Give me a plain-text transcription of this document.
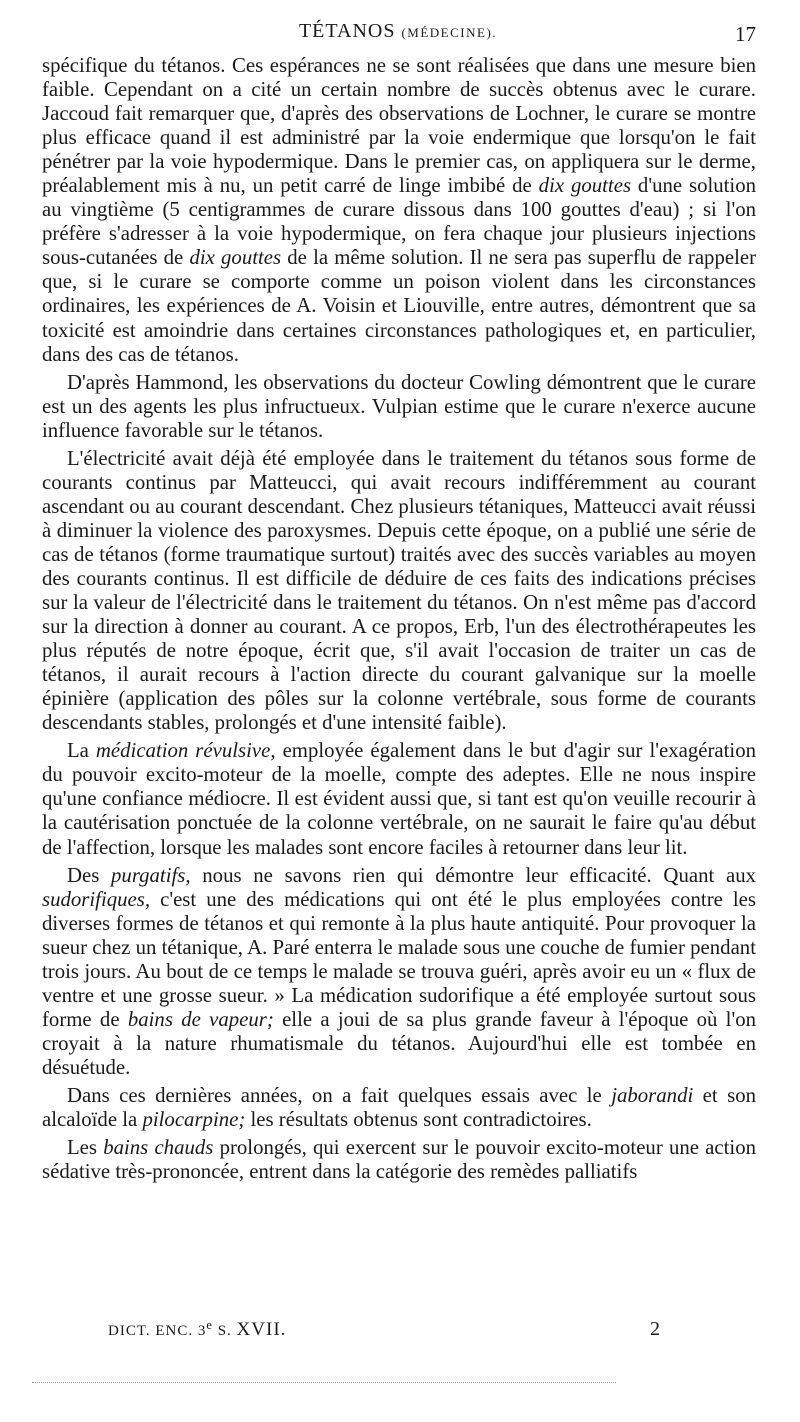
TÉTANOS (MÉDECINE).	17

spécifique du tétanos. Ces espérances ne se sont réalisées que dans une mesure bien faible. Cependant on a cité un certain nombre de succès obtenus avec le curare. Jaccoud fait remarquer que, d'après des observations de Lochner, le curare se montre plus efficace quand il est administré par la voie endermique que lorsqu'on le fait pénétrer par la voie hypodermique. Dans le premier cas, on appliquera sur le derme, préalablement mis à nu, un petit carré de linge imbibé de dix gouttes d'une solution au vingtième (5 centigrammes de curare dissous dans 100 gouttes d'eau) ; si l'on préfère s'adresser à la voie hypodermique, on fera chaque jour plusieurs injections sous-cutanées de dix gouttes de la même solution. Il ne sera pas superflu de rappeler que, si le curare se comporte comme un poison violent dans les circonstances ordinaires, les expériences de A. Voisin et Liouville, entre autres, démontrent que sa toxicité est amoindrie dans certaines circonstances pathologiques et, en particulier, dans des cas de tétanos.

D'après Hammond, les observations du docteur Cowling démontrent que le curare est un des agents les plus infructueux. Vulpian estime que le curare n'exerce aucune influence favorable sur le tétanos.

L'électricité avait déjà été employée dans le traitement du tétanos sous forme de courants continus par Matteucci, qui avait recours indifféremment au courant ascendant ou au courant descendant. Chez plusieurs tétaniques, Matteucci avait réussi à diminuer la violence des paroxysmes. Depuis cette époque, on a publié une série de cas de tétanos (forme traumatique surtout) traités avec des succès variables au moyen des courants continus. Il est difficile de déduire de ces faits des indications précises sur la valeur de l'électricité dans le traitement du tétanos. On n'est même pas d'accord sur la direction à donner au courant. A ce propos, Erb, l'un des électrothérapeutes les plus réputés de notre époque, écrit que, s'il avait l'occasion de traiter un cas de tétanos, il aurait recours à l'action directe du courant galvanique sur la moelle épinière (application des pôles sur la colonne vertébrale, sous forme de courants descendants stables, prolongés et d'une intensité faible).

La médication révulsive, employée également dans le but d'agir sur l'exagération du pouvoir excito-moteur de la moelle, compte des adeptes. Elle ne nous inspire qu'une confiance médiocre. Il est évident aussi que, si tant est qu'on veuille recourir à la cautérisation ponctuée de la colonne vertébrale, on ne saurait le faire qu'au début de l'affection, lorsque les malades sont encore faciles à retourner dans leur lit.

Des purgatifs, nous ne savons rien qui démontre leur efficacité. Quant aux sudorifiques, c'est une des médications qui ont été le plus employées contre les diverses formes de tétanos et qui remonte à la plus haute antiquité. Pour provoquer la sueur chez un tétanique, A. Paré enterra le malade sous une couche de fumier pendant trois jours. Au bout de ce temps le malade se trouva guéri, après avoir eu un « flux de ventre et une grosse sueur. » La médication sudorifique a été employée surtout sous forme de bains de vapeur; elle a joui de sa plus grande faveur à l'époque où l'on croyait à la nature rhumatismale du tétanos. Aujourd'hui elle est tombée en désuétude.

Dans ces dernières années, on a fait quelques essais avec le jaborandi et son alcaloïde la pilocarpine; les résultats obtenus sont contradictoires.

Les bains chauds prolongés, qui exercent sur le pouvoir excito-moteur une action sédative très-prononcée, entrent dans la catégorie des remèdes palliatifs

DICT. ENC. 3e S. XVII.	2
